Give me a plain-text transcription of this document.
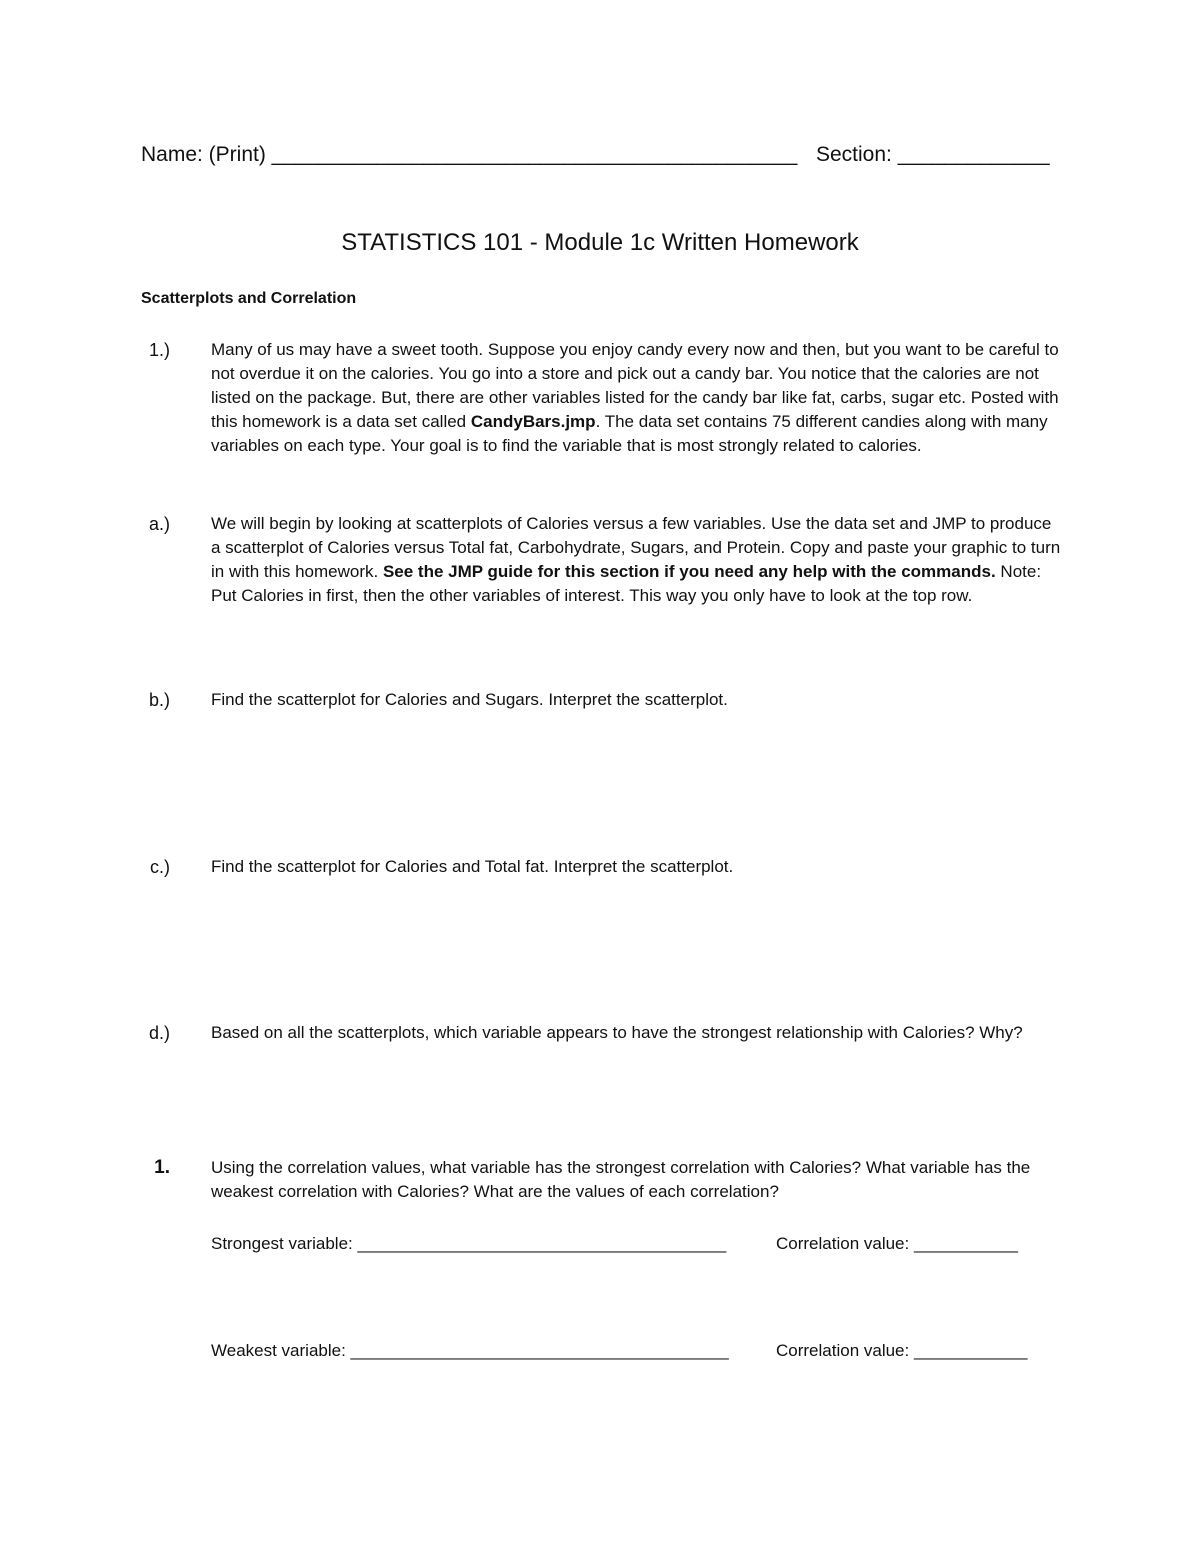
Name: (Print) _____________________________________________ Section: _____________
STATISTICS 101 - Module 1c Written Homework
Scatterplots and Correlation
1.) Many of us may have a sweet tooth. Suppose you enjoy candy every now and then, but you want to be careful to not overdue it on the calories. You go into a store and pick out a candy bar. You notice that the calories are not listed on the package. But, there are other variables listed for the candy bar like fat, carbs, sugar etc. Posted with this homework is a data set called CandyBars.jmp. The data set contains 75 different candies along with many variables on each type. Your goal is to find the variable that is most strongly related to calories.
a.) We will begin by looking at scatterplots of Calories versus a few variables. Use the data set and JMP to produce a scatterplot of Calories versus Total fat, Carbohydrate, Sugars, and Protein. Copy and paste your graphic to turn in with this homework. See the JMP guide for this section if you need any help with the commands. Note: Put Calories in first, then the other variables of interest. This way you only have to look at the top row.
b.) Find the scatterplot for Calories and Sugars. Interpret the scatterplot.
c.) Find the scatterplot for Calories and Total fat. Interpret the scatterplot.
d.) Based on all the scatterplots, which variable appears to have the strongest relationship with Calories? Why?
1. Using the correlation values, what variable has the strongest correlation with Calories? What variable has the weakest correlation with Calories? What are the values of each correlation?
Strongest variable: _______________________________________	Correlation value: ___________
Weakest variable: ________________________________________	Correlation value: ____________
